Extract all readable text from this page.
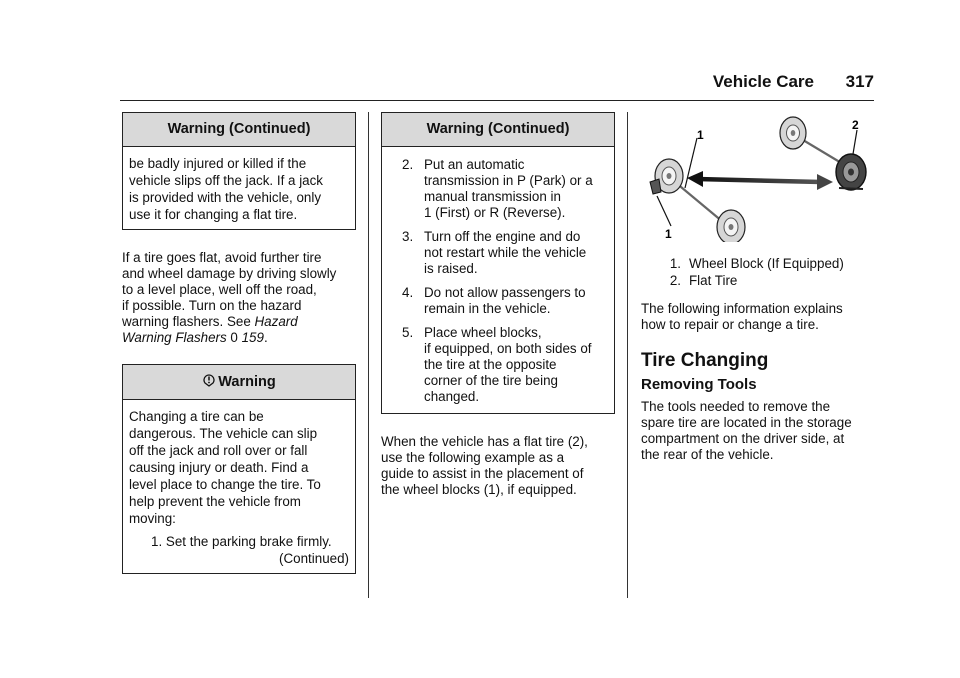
Vehicle Care 317
Warning (Continued)

be badly injured or killed if the

vehicle slips off the jack. If a jack

is provided with the vehicle, only

use it for changing a flat tire.

If a tire goes flat, avoid further tire

and wheel damage by driving slowly

to a level place, well off the road,

if possible. Turn on the hazard

warning flashers. See Hazard

Warning Flashers 0 159.

Warning

Changing a tire can be

dangerous. The vehicle can slip

off the jack and roll over or fall

causing injury or death. Find a

level place to change the tire. To

help prevent the vehicle from

moving:

1. Set the parking brake firmly.

(Continued)

Warning (Continued)
2. Put an automatic
transmission in P (Park) or a
manual transmission in
1 (First) or R (Reverse).
3. Turn off the engine and do
not restart while the vehicle
is raised.
4. Do not allow passengers to
remain in the vehicle.
5. Place wheel blocks,
if equipped, on both sides of
the tire at the opposite
corner of the tire being
changed.

When the vehicle has a flat tire (2),

use the following example as a

guide to assist in the placement of

the wheel blocks (1), if equipped.

1
2
1
1. Wheel Block (If Equipped)
2. Flat Tire

The following information explains

how to repair or change a tire.

Tire Changing
Removing Tools

The tools needed to remove the

spare tire are located in the storage

compartment on the driver side, at

the rear of the vehicle.
